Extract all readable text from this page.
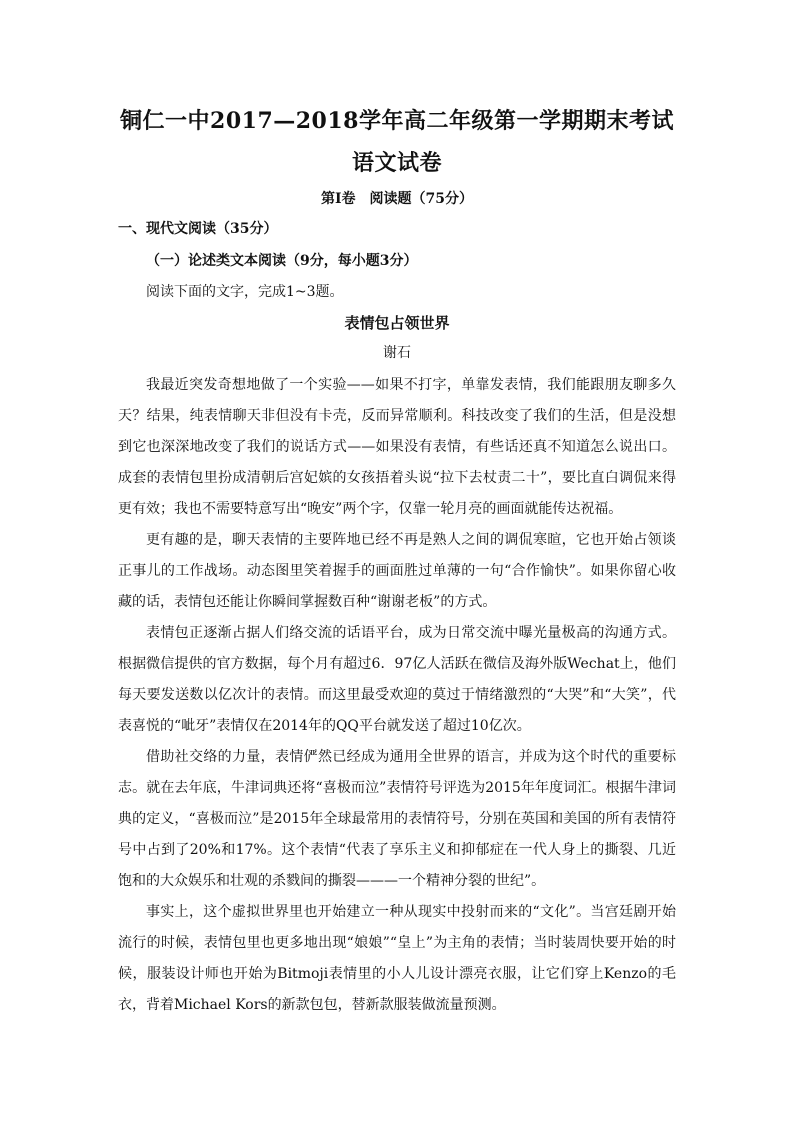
铜仁一中2017—2018学年高二年级第一学期期末考试
语文试卷
第I卷　阅读题（75分）
一、现代文阅读（35分）
（一）论述类文本阅读（9分，每小题3分）
阅读下面的文字，完成1~3题。
表情包占领世界
谢石

我最近突发奇想地做了一个实验——如果不打字，单靠发表情，我们能跟朋友聊多久天？结果，纯表情聊天非但没有卡壳，反而异常顺利。科技改变了我们的生活，但是没想到它也深深地改变了我们的说话方式——如果没有表情，有些话还真不知道怎么说出口。成套的表情包里扮成清朝后宫妃嫔的女孩捂着头说“拉下去杖责二十”，要比直白调侃来得更有效；我也不需要特意写出“晚安”两个字，仅靠一轮月亮的画面就能传达祝福。

更有趣的是，聊天表情的主要阵地已经不再是熟人之间的调侃寒暄，它也开始占领谈正事儿的工作战场。动态图里笑着握手的画面胜过单薄的一句“合作愉快”。如果你留心收藏的话，表情包还能让你瞬间掌握数百种“谢谢老板”的方式。

表情包正逐渐占据人们络交流的话语平台，成为日常交流中曝光量极高的沟通方式。根据微信提供的官方数据，每个月有超过6．97亿人活跃在微信及海外版Wechat上，他们每天要发送数以亿次计的表情。而这里最受欢迎的莫过于情绪激烈的“大哭”和“大笑”，代表喜悦的“呲牙”表情仅在2014年的QQ平台就发送了超过10亿次。

借助社交络的力量，表情俨然已经成为通用全世界的语言，并成为这个时代的重要标志。就在去年底，牛津词典还将“喜极而泣”表情符号评选为2015年年度词汇。根据牛津词典的定义，“喜极而泣”是2015年全球最常用的表情符号，分别在英国和美国的所有表情符号中占到了20%和17%。这个表情“代表了享乐主义和抑郁症在一代人身上的撕裂、几近饱和的大众娱乐和壮观的杀戮间的撕裂———一个精神分裂的世纪”。

事实上，这个虚拟世界里也开始建立一种从现实中投射而来的“文化”。当宫廷剧开始流行的时候，表情包里也更多地出现“娘娘”“皇上”为主角的表情；当时装周快要开始的时候，服装设计师也开始为Bitmoji表情里的小人儿设计漂亮衣服，让它们穿上Kenzo的毛衣，背着Michael Kors的新款包包，替新款服装做流量预测。
